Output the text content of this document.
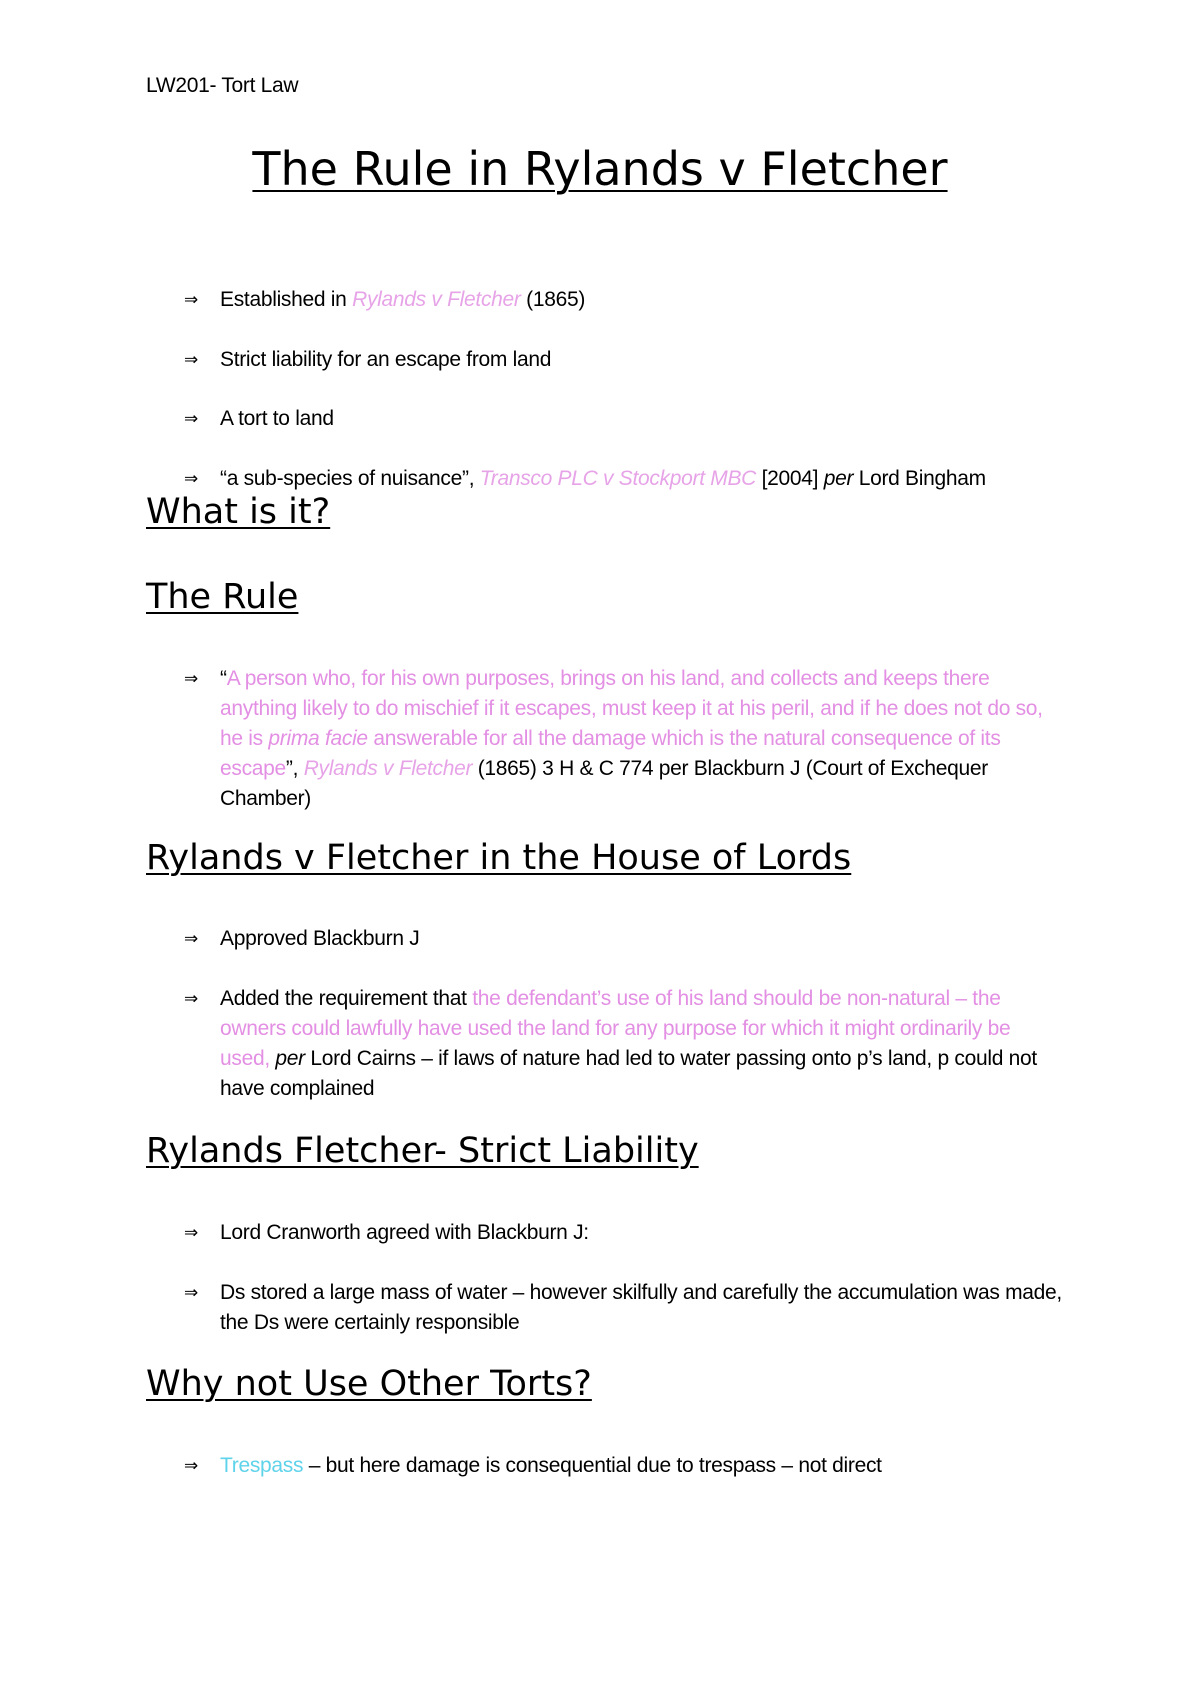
LW201- Tort Law
The Rule in Rylands v Fletcher
⇒	Established in Rylands v Fletcher (1865)
⇒	Strict liability for an escape from land
⇒	A tort to land
⇒	“a sub-species of nuisance”, Transco PLC v Stockport MBC [2004] per Lord Bingham
What is it?
The Rule
⇒	“A person who, for his own purposes, brings on his land, and collects and keeps there anything likely to do mischief if it escapes, must keep it at his peril, and if he does not do so, he is prima facie answerable for all the damage which is the natural consequence of its escape”, Rylands v Fletcher (1865) 3 H & C 774 per Blackburn J (Court of Exchequer Chamber)
Rylands v Fletcher in the House of Lords
⇒	Approved Blackburn J
⇒	Added the requirement that the defendant’s use of his land should be non-natural – the owners could lawfully have used the land for any purpose for which it might ordinarily be used, per Lord Cairns – if laws of nature had led to water passing onto p’s land, p could not have complained
Rylands Fletcher- Strict Liability
⇒	Lord Cranworth agreed with Blackburn J:
⇒	Ds stored a large mass of water – however skilfully and carefully the accumulation was made, the Ds were certainly responsible
Why not Use Other Torts?
⇒	Trespass – but here damage is consequential due to trespass – not direct
